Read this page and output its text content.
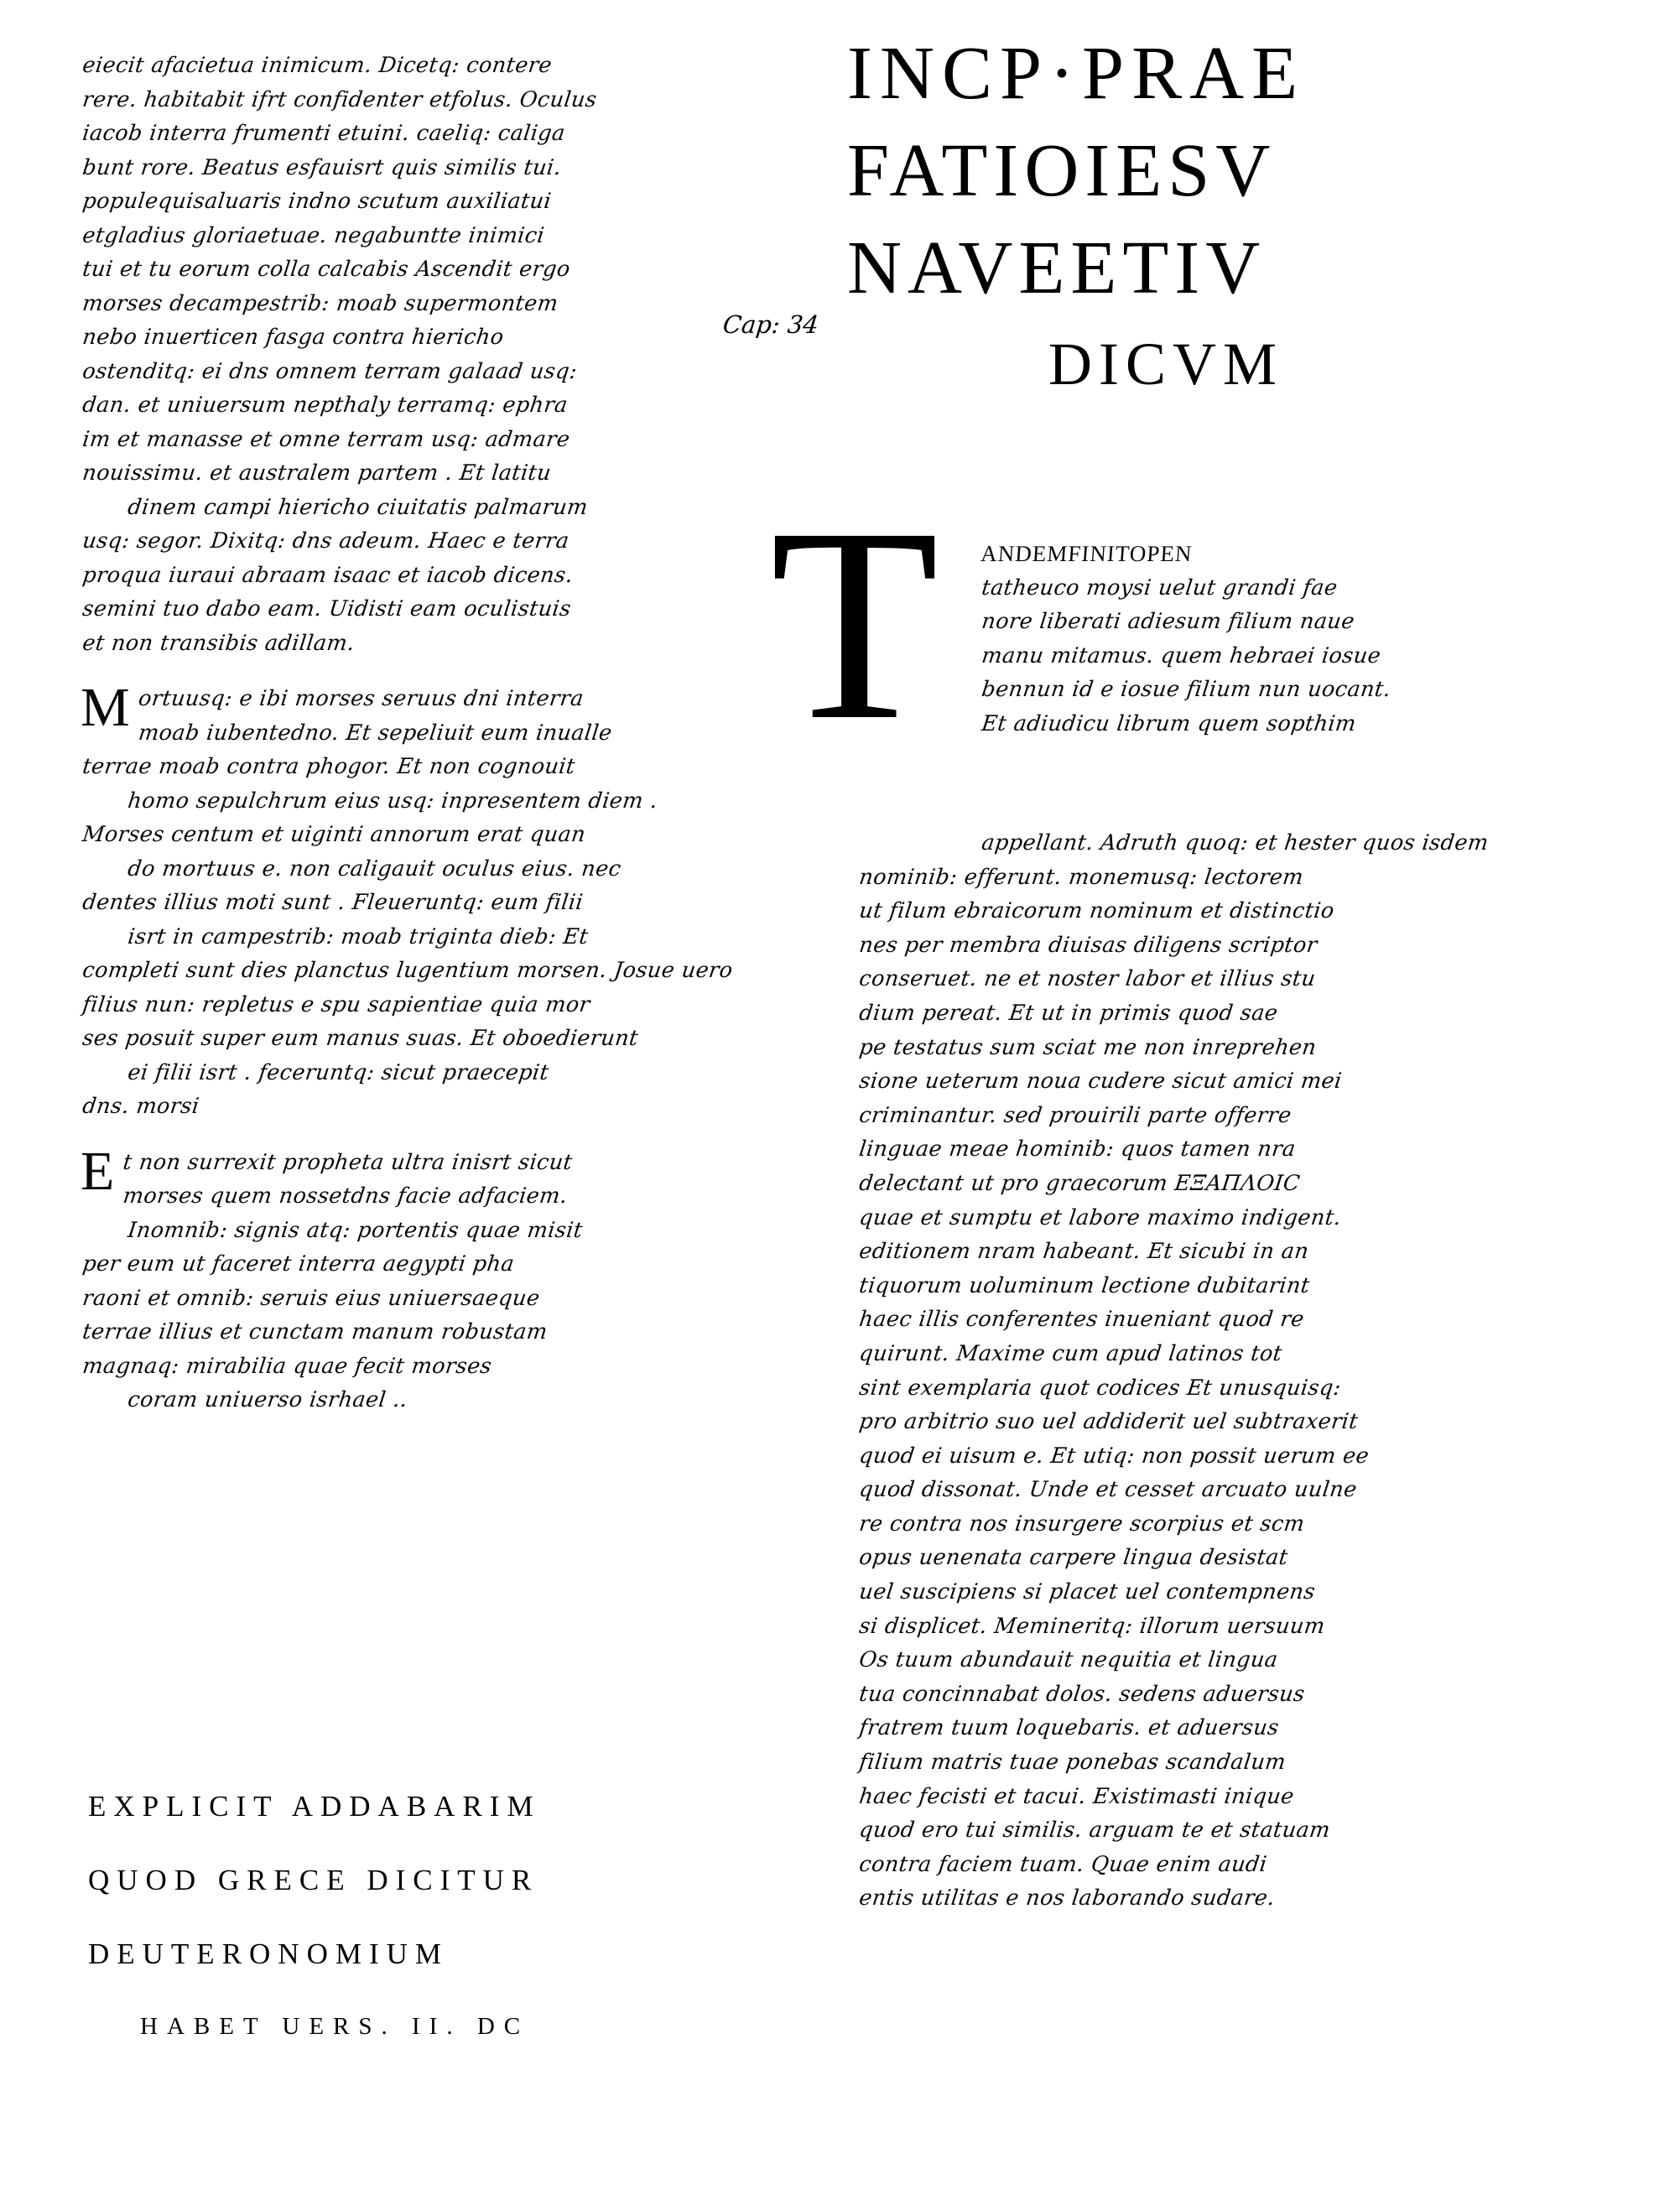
eiecit afacietua inimicum. Dicetq: contere
rere. habitabit ifrt confidenter etfolus. Oculus
iacob interra frumenti etuini. caeliq: caliga
bunt rore. Beatus esfauisrt quis similis tui.
populequisaluaris indno scutum auxiliatui
etgladius gloriaetuae. negabuntte inimici
tui et tu eorum colla calcabis Ascendit ergo
morses decampestrib: moab supermontem
nebo inuerticen fasga contra hiericho
ostenditq: ei dns omnem terram galaad usq:
dan. et uniuersum nepthaly terramq: ephra
im et manasse et omne terram usq: admare
nouissimu. et australem partem . Et latitu
dinem campi hiericho ciuitatis palmarum
usq: segor. Dixitq: dns adeum. Haec e terra
proqua iuraui abraam isaac et iacob dicens.
semini tuo dabo eam. Uidisti eam oculistuis
et non transibis adillam.
M ortuusq: e ibi morses seruus dni interra
moab iubentedno. Et sepeliuit eum inualle
terrae moab contra phogor. Et non cognouit
homo sepulchrum eius usq: inpresentem diem .
Morses centum et uiginti annorum erat quan
do mortuus e. non caligauit oculus eius. nec
dentes illius moti sunt . Fleueruntq: eum filii
isrt in campestrib: moab triginta dieb: Et
completi sunt dies planctus lugentium morsen. Josue uero
filius nun: repletus e spu sapientiae quia mor
ses posuit super eum manus suas. Et oboedierunt
ei filii isrt . feceruntq: sicut praecepit
dns. morsi
E t non surrexit propheta ultra inisrt sicut
morses quem nossetdns facie adfaciem.
Inomnib: signis atq: portentis quae misit
per eum ut faceret interra aegypti pha
raoni et omnib: seruis eius uniuersaeque
terrae illius et cunctam manum robustam
magnaq: mirabilia quae fecit morses
coram uniuerso isrhael ..
Cap: 34
EXPLICIT ADDABARIM
QUOD GRECE DICITUR
DEUTERONOMIUM
HABET UERS. II. DC
INCP·PRAE
FATIOIESV
NAVEETIV
DICVM
T ANDEMFINITOPEN
tatheuco moysi uelut grandi fae
nore liberati adiesum filium naue
manu mitamus. quem hebraei iosue
bennun id e iosue filium nun uocant.
Et adiudicu librum quem sopthim
appellant. Adruth quoq: et hester quos isdem
nominib: efferunt. monemusq: lectorem
ut filum ebraicorum nominum et distinctio
nes per membra diuisas diligens scriptor
conseruet. ne et noster labor et illius stu
dium pereat. Et ut in primis quod sae
pe testatus sum sciat me non inreprehen
sione ueterum noua cudere sicut amici mei
criminantur. sed prouirili parte offerre
linguae meae hominib: quos tamen nra
delectant ut pro graecorum ΕΞΑΠΛΟΙC
quae et sumptu et labore maximo indigent.
editionem nram habeant. Et sicubi in an
tiquorum uoluminum lectione dubitarint
haec illis conferentes inueniant quod re
quirunt. Maxime cum apud latinos tot
sint exemplaria quot codices Et unusquisq:
pro arbitrio suo uel addiderit uel subtraxerit
quod ei uisum e. Et utiq: non possit uerum ee
quod dissonat. Unde et cesset arcuato uulne
re contra nos insurgere scorpius et scm
opus uenenata carpere lingua desistat
uel suscipiens si placet uel contempnens
si displicet. Memineritq: illorum uersuum
Os tuum abundauit nequitia et lingua
tua concinnabat dolos. sedens aduersus
fratrem tuum loquebaris. et aduersus
filium matris tuae ponebas scandalum
haec fecisti et tacui. Existimasti inique
quod ero tui similis. arguam te et statuam
contra faciem tuam. Quae enim audi
entis utilitas e nos laborando sudare.
